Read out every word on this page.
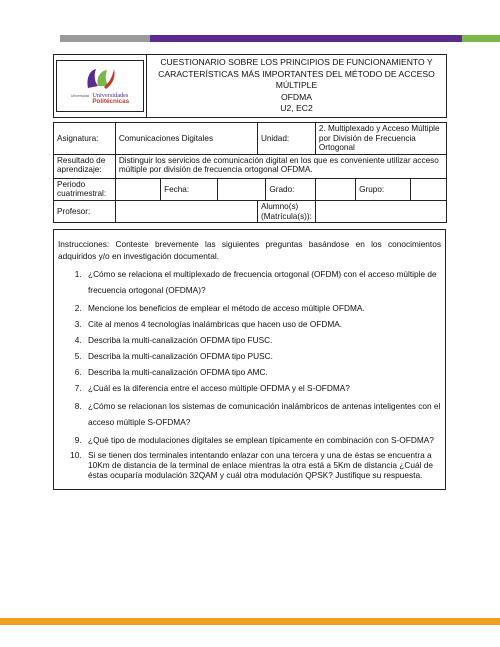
Universidad Universidades
Politécnicas

CUESTIONARIO SOBRE LOS PRINCIPIOS DE FUNCIONAMIENTO Y
CARACTERÍSTICAS MÁS IMPORTANTES DEL MÉTODO DE ACCESO MÚLTIPLE
OFDMA
U2, EC2
Asignatura:	Comunicaciones Digitales			Unidad:		2. Multiplexado y Acceso Múltiple por División de Frecuencia Ortogonal		
Resultado de aprendizaje:	Distinguir los servicios de comunicación digital en los que es conveniente utilizar acceso múltiple por división de frecuencia ortogonal OFDMA.							
Periodo cuatrimestral:		Fecha:			Grado:		Grupo:	
Profesor:				Alumno(s) (Matrícula(s)):				
Instrucciones: Conteste brevemente las siguientes preguntas basándose en los conocimientos adquiridos y/o en investigación documental.
1. ¿Cómo se relaciona el multiplexado de frecuencia ortogonal (OFDM) con el acceso múltiple de frecuencia ortogonal (OFDMA)?
2. Mencione los beneficios de emplear el método de acceso múltiple OFDMA.
3. Cite al menos 4 tecnologías inalámbricas que hacen uso de OFDMA.
4. Describa la multi-canalización OFDMA tipo FUSC.
5. Describa la multi-canalización OFDMA tipo PUSC.
6. Describa la multi-canalización OFDMA tipo AMC.
7. ¿Cuál es la diferencia entre el acceso múltiple OFDMA y el S-OFDMA?
8. ¿Cómo se relacionan los sistemas de comunicación inalámbricos de antenas inteligentes con el acceso múltiple S-OFDMA?
9. ¿Qué tipo de modulaciones digitales se emplean típicamente en combinación con S-OFDMA?
10. Si se tienen dos terminales intentando enlazar con una tercera y una de éstas se encuentra a 10Km de distancia de la terminal de enlace mientras la otra está a 5Km de distancia ¿Cuál de éstas ocuparía modulación 32QAM y cuál otra modulación QPSK? Justifique su respuesta.
